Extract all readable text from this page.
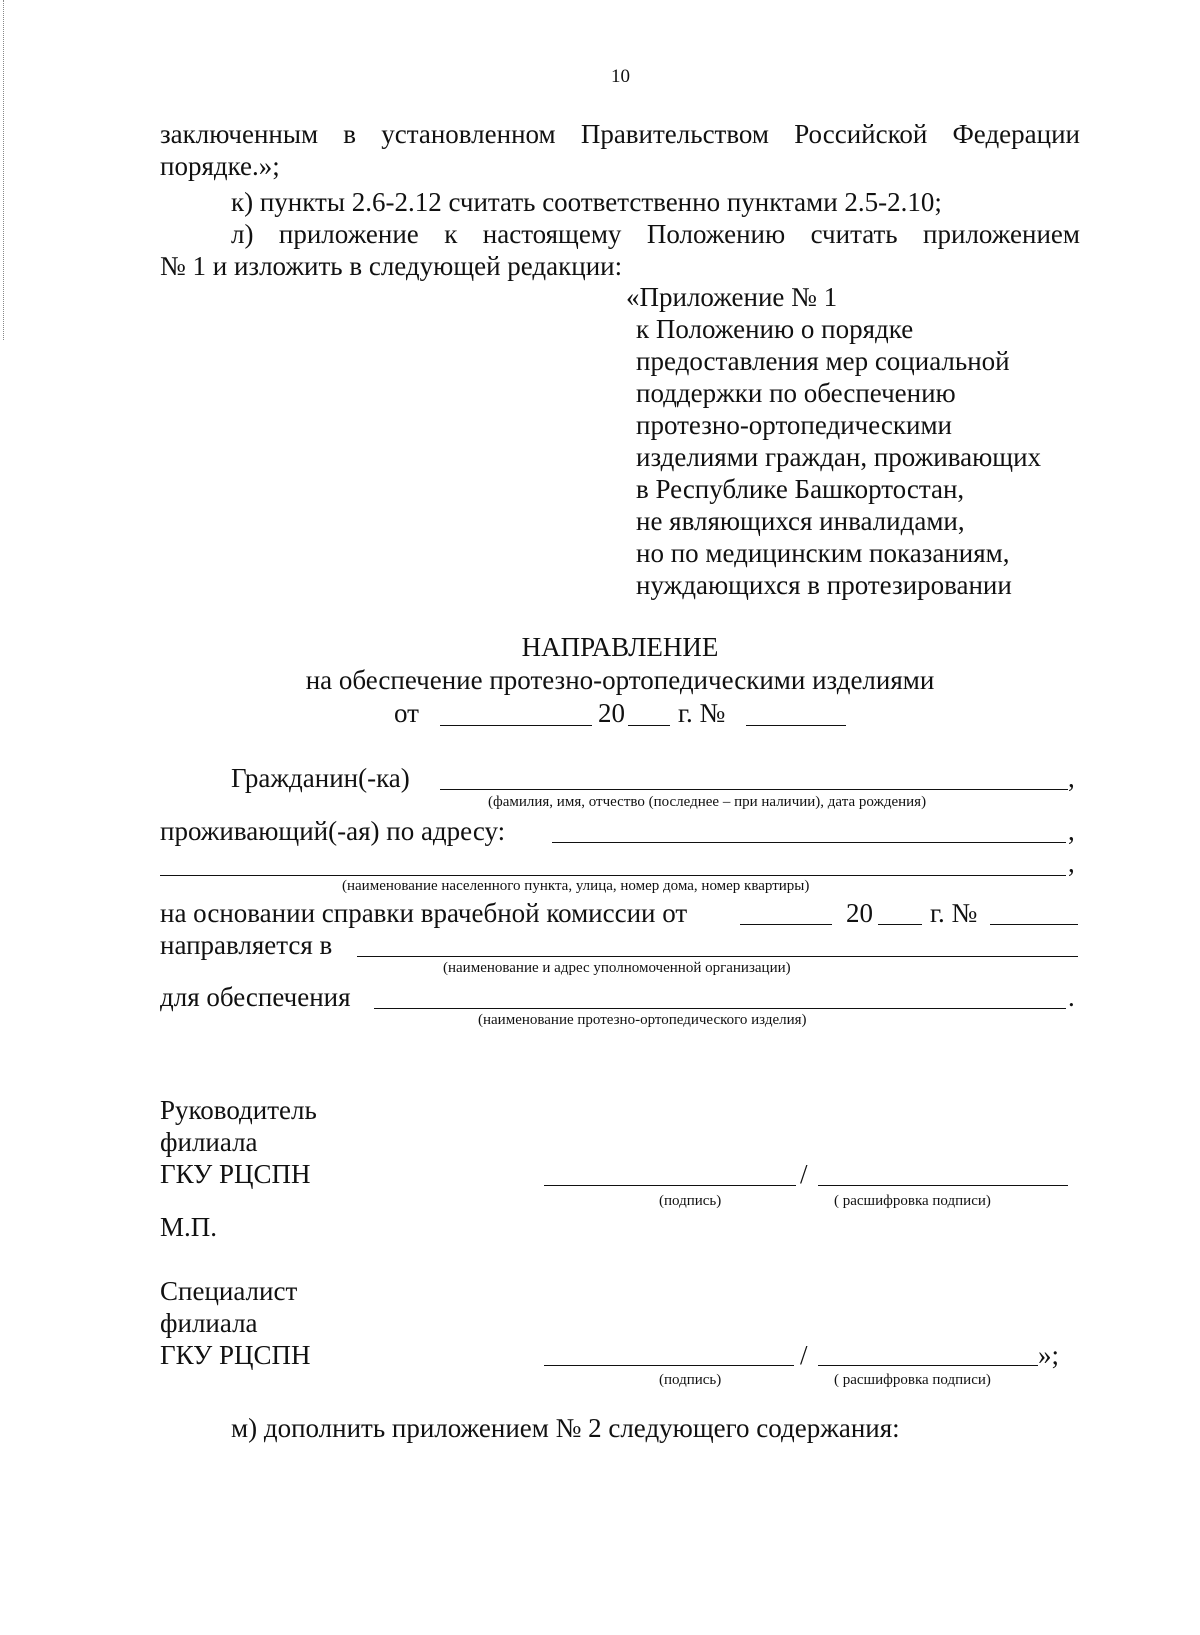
10
заключенным в установленном Правительством Российской Федерации
порядке.»;
к) пункты 2.6-2.12 считать соответственно пунктами 2.5-2.10;
л) приложение к настоящему Положению считать приложением
№ 1 и изложить в следующей редакции:
«Приложение № 1
к Положению о порядке
предоставления мер социальной
поддержки по обеспечению
протезно-ортопедическими
изделиями граждан, проживающих
в Республике Башкортостан,
не являющихся инвалидами,
но по медицинским показаниям,
нуждающихся в протезировании
НАПРАВЛЕНИЕ
на обеспечение протезно-ортопедическими изделиями
от	20 г. №
Гражданин(-ка)	,
(фамилия, имя, отчество (последнее – при наличии), дата рождения)
проживающий(-ая) по адресу:	,
,
(наименование населенного пункта, улица, номер дома, номер квартиры)
на основании справки врачебной комиссии от	20 г. №
направляется в
(наименование и адрес уполномоченной организации)
для обеспечения	.
(наименование протезно-ортопедического изделия)
Руководитель
филиала
ГКУ РЦСПН	/
(подпись)	( расшифровка подписи)
М.П.
Специалист
филиала
ГКУ РЦСПН	/	»;
(подпись)	( расшифровка подписи)
м) дополнить приложением № 2 следующего содержания:
